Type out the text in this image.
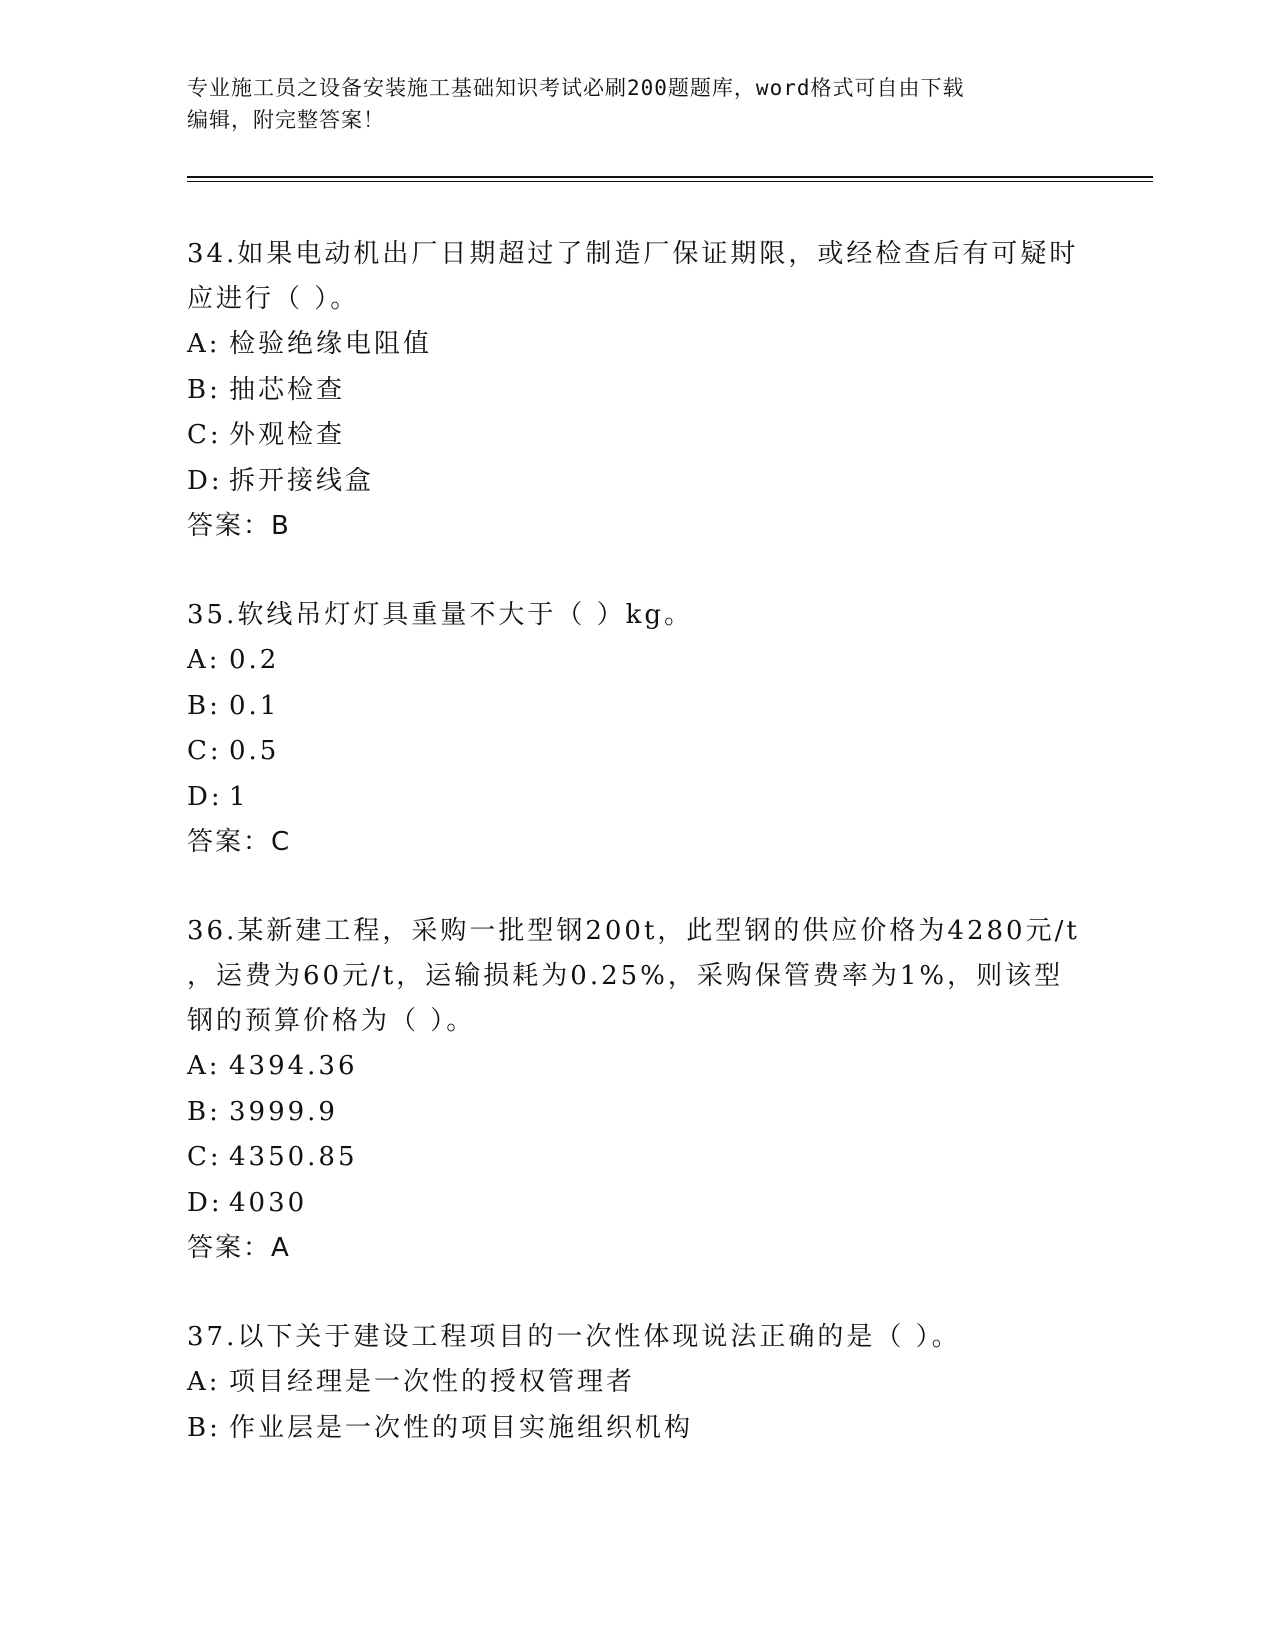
专业施工员之设备安装施工基础知识考试必刷200题题库，word格式可自由下载
编辑，附完整答案！
34.如果电动机出厂日期超过了制造厂保证期限，或经检查后有可疑时
应进行（ ）。
A: 检验绝缘电阻值
B: 抽芯检查
C: 外观检查
D: 拆开接线盒
答案：B
35.软线吊灯灯具重量不大于（ ）kg。
A: 0.2
B: 0.1
C: 0.5
D: 1
答案：C
36.某新建工程，采购一批型钢200t，此型钢的供应价格为4280元/t
，运费为60元/t，运输损耗为0.25%，采购保管费率为1%，则该型
钢的预算价格为（ ）。
A: 4394.36
B: 3999.9
C: 4350.85
D: 4030
答案：A
37.以下关于建设工程项目的一次性体现说法正确的是（ ）。
A: 项目经理是一次性的授权管理者
B: 作业层是一次性的项目实施组织机构
